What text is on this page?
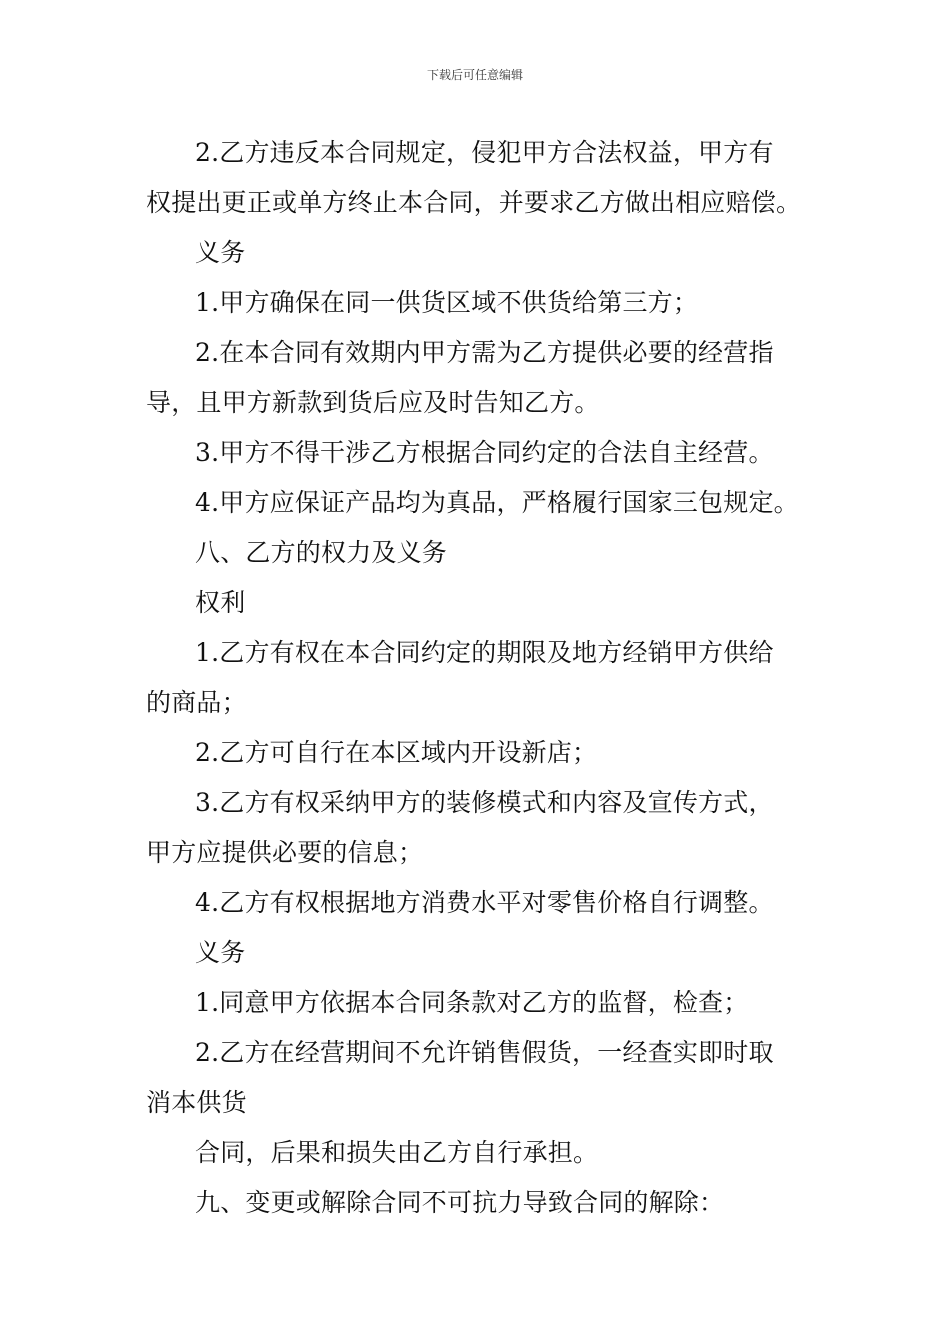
下载后可任意编辑
2.乙方违反本合同规定，侵犯甲方合法权益，甲方有
权提出更正或单方终止本合同，并要求乙方做出相应赔偿。
义务
1.甲方确保在同一供货区域不供货给第三方；
2.在本合同有效期内甲方需为乙方提供必要的经营指
导，且甲方新款到货后应及时告知乙方。
3.甲方不得干涉乙方根据合同约定的合法自主经营。
4.甲方应保证产品均为真品，严格履行国家三包规定。
八、乙方的权力及义务
权利
1.乙方有权在本合同约定的期限及地方经销甲方供给
的商品；
2.乙方可自行在本区域内开设新店；
3.乙方有权采纳甲方的装修模式和内容及宣传方式，
甲方应提供必要的信息；
4.乙方有权根据地方消费水平对零售价格自行调整。
义务
1.同意甲方依据本合同条款对乙方的监督，检查；
2.乙方在经营期间不允许销售假货，一经查实即时取
消本供货
合同，后果和损失由乙方自行承担。
九、变更或解除合同不可抗力导致合同的解除：
